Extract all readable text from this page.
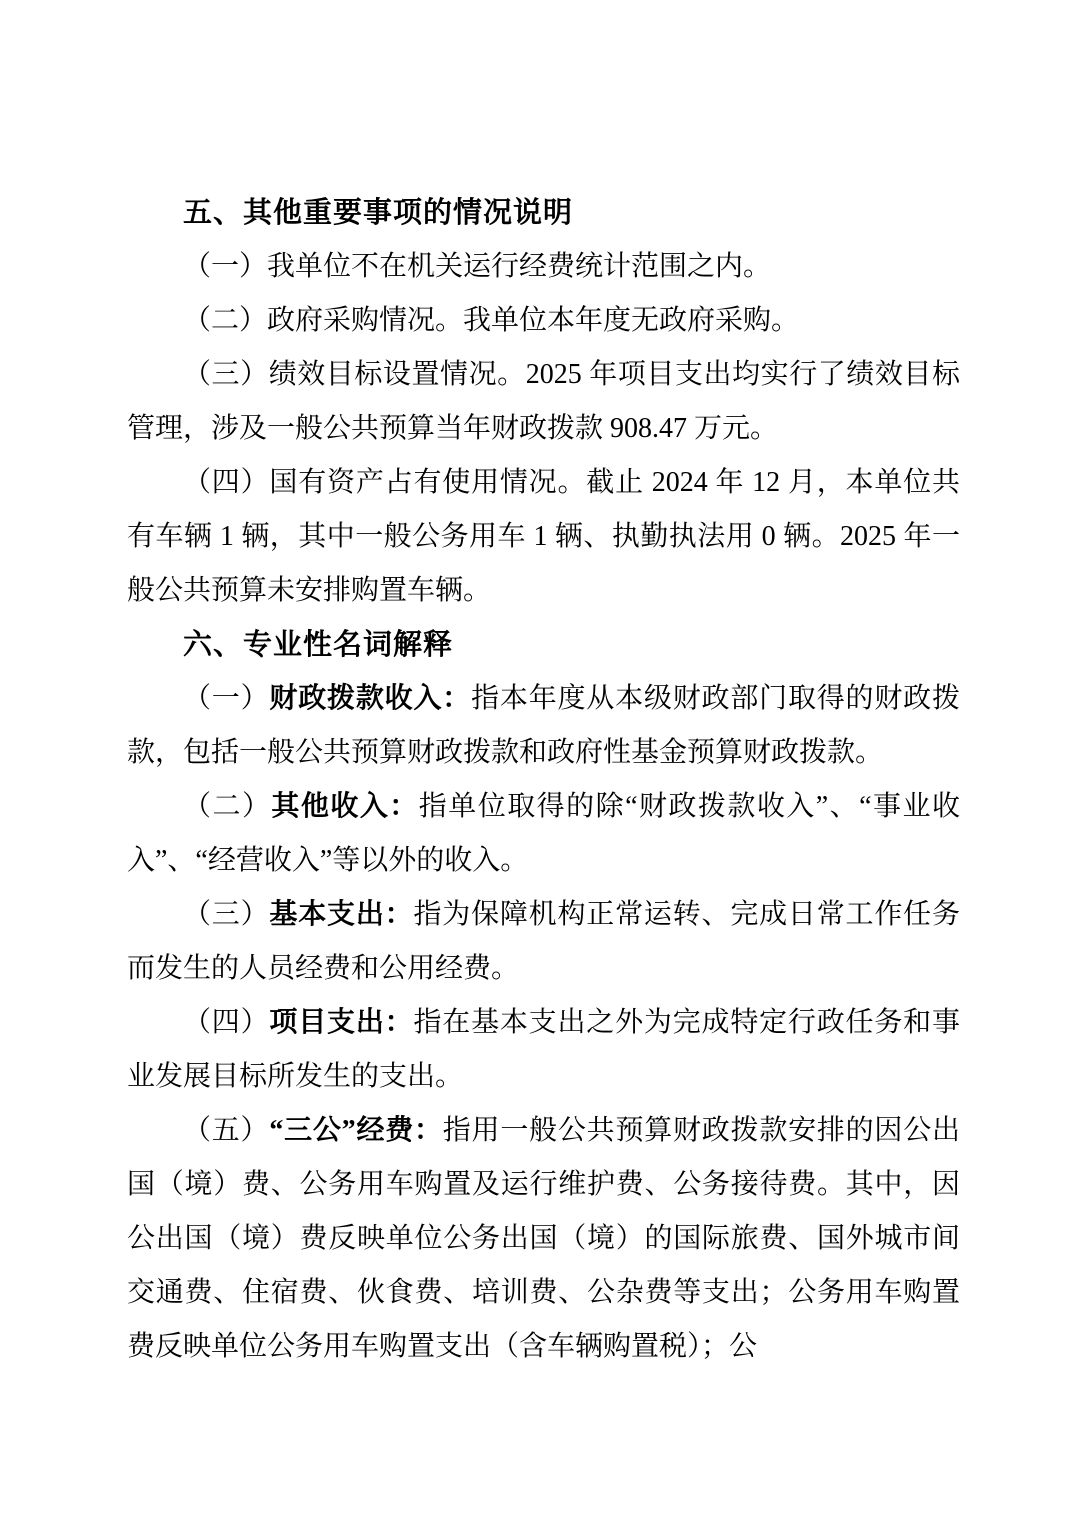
五、其他重要事项的情况说明

（一）我单位不在机关运行经费统计范围之内。

（二）政府采购情况。我单位本年度无政府采购。

（三）绩效目标设置情况。2025 年项目支出均实行了绩效目标管理，涉及一般公共预算当年财政拨款 908.47 万元。

（四）国有资产占有使用情况。截止 2024 年 12 月，本单位共有车辆 1 辆，其中一般公务用车 1 辆、执勤执法用 0 辆。2025 年一般公共预算未安排购置车辆。

六、专业性名词解释

（一）财政拨款收入：指本年度从本级财政部门取得的财政拨款，包括一般公共预算财政拨款和政府性基金预算财政拨款。

（二）其他收入：指单位取得的除“财政拨款收入”、“事业收入”、“经营收入”等以外的收入。

（三）基本支出：指为保障机构正常运转、完成日常工作任务而发生的人员经费和公用经费。

（四）项目支出：指在基本支出之外为完成特定行政任务和事业发展目标所发生的支出。

（五）“三公”经费：指用一般公共预算财政拨款安排的因公出国（境）费、公务用车购置及运行维护费、公务接待费。其中，因公出国（境）费反映单位公务出国（境）的国际旅费、国外城市间交通费、住宿费、伙食费、培训费、公杂费等支出；公务用车购置费反映单位公务用车购置支出（含车辆购置税）；公
